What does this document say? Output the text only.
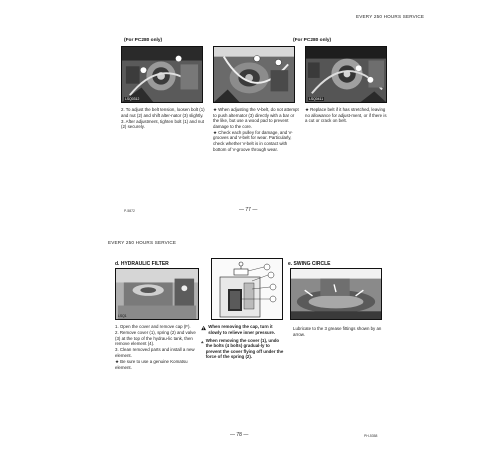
EVERY 250 HOURS SERVICE
(For PC280 only)	(For PC280 only)
LSQ0312	LSQ0411

2. To adjust the belt tension, loosen bolt (1) and nut (2) and shift alter-nator (3) slightly.

3. After adjustment, tighten bolt (1) and nut (2) securely.

★ When adjusting the V-belt, do not attempt to push alternator (3) directly with a bar or the like, but use a wood pad to prevent damage to the core.

★ Check each pulley for damage, and V-grooves and V-belt for wear. Particularly, check whether V-belt is in contact with bottom of V-groove through wear.

★ Replace belt if it has stretched, leaving no allowance for adjust-ment, or if there is a cut or crack on belt.

P-5872	— 77 —
EVERY 250 HOURS SERVICE
d. HYDRAULIC FILTER	e. SWING CIRCLE
LSQ1

1. Open the cover and remove cap (F).

2. Remove cover (1), spring (2) and valve (3) at the top of the hydrau-lic tank, then remove element (4).

3. Clean removed parts and install a new element.

★ Be sure to use a genuine Komatsu element.

When removing the cap, turn it slowly to relieve inner pressure.

When removing the cover (1), undo the bolts (4 bolts) gradual-ly to prevent the cover flying off under the force of the spring (2).

Lubricate to the 3 grease fittings shown by an arrow.

— 78 —	PH-5358
